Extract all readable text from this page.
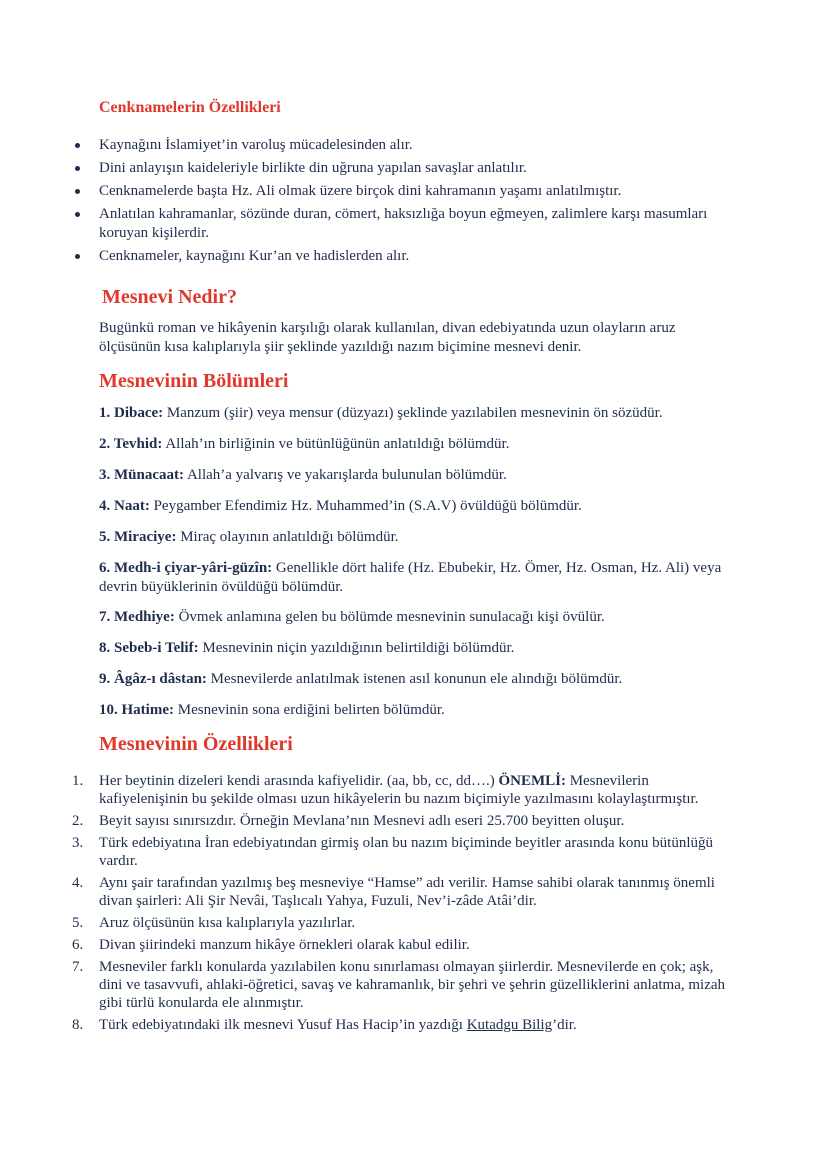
Cenknamelerin Özellikleri
Kaynağını İslamiyet’in varoluş mücadelesinden alır.
Dini anlayışın kaideleriyle birlikte din uğruna yapılan savaşlar anlatılır.
Cenknamelerde başta Hz. Ali olmak üzere birçok dini kahramanın yaşamı anlatılmıştır.
Anlatılan kahramanlar, sözünde duran, cömert, haksızlığa boyun eğmeyen, zalimlere karşı masumları koruyan kişilerdir.
Cenknameler, kaynağını Kur’an ve hadislerden alır.
Mesnevi Nedir?

Bugünkü roman ve hikâyenin karşılığı olarak kullanılan, divan edebiyatında uzun olayların aruz ölçüsünün kısa kalıplarıyla şiir şeklinde yazıldığı nazım biçimine mesnevi denir.

Mesnevinin Bölümleri

1. Dibace: Manzum (şiir) veya mensur (düzyazı) şeklinde yazılabilen mesnevinin ön sözüdür.

2. Tevhid: Allah’ın birliğinin ve bütünlüğünün anlatıldığı bölümdür.

3. Münacaat: Allah’a yalvarış ve yakarışlarda bulunulan bölümdür.

4. Naat: Peygamber Efendimiz Hz. Muhammed’in (S.A.V) övüldüğü bölümdür.

5. Miraciye: Miraç olayının anlatıldığı bölümdür.

6. Medh-i çiyar-yâri-güzîn: Genellikle dört halife (Hz. Ebubekir, Hz. Ömer, Hz. Osman, Hz. Ali) veya devrin büyüklerinin övüldüğü bölümdür.

7. Medhiye: Övmek anlamına gelen bu bölümde mesnevinin sunulacağı kişi övülür.

8. Sebeb-i Telif: Mesnevinin niçin yazıldığının belirtildiği bölümdür.

9. Âgâz-ı dâstan: Mesnevilerde anlatılmak istenen asıl konunun ele alındığı bölümdür.

10. Hatime: Mesnevinin sona erdiğini belirten bölümdür.

Mesnevinin Özellikleri
1. Her beytinin dizeleri kendi arasında kafiyelidir. (aa, bb, cc, dd….) ÖNEMLİ: Mesnevilerin kafiyelenişinin bu şekilde olması uzun hikâyelerin bu nazım biçimiyle yazılmasını kolaylaştırmıştır.
2. Beyit sayısı sınırsızdır. Örneğin Mevlana’nın Mesnevi adlı eseri 25.700 beyitten oluşur.
3. Türk edebiyatına İran edebiyatından girmiş olan bu nazım biçiminde beyitler arasında konu bütünlüğü vardır.
4. Aynı şair tarafından yazılmış beş mesneviye “Hamse” adı verilir. Hamse sahibi olarak tanınmış önemli divan şairleri: Ali Şir Nevâi, Taşlıcalı Yahya, Fuzuli, Nev’i-zâde Atâi’dir.
5. Aruz ölçüsünün kısa kalıplarıyla yazılırlar.
6. Divan şiirindeki manzum hikâye örnekleri olarak kabul edilir.
7. Mesneviler farklı konularda yazılabilen konu sınırlaması olmayan şiirlerdir. Mesnevilerde en çok; aşk, dini ve tasavvufi, ahlaki-öğretici, savaş ve kahramanlık, bir şehri ve şehrin güzelliklerini anlatma, mizah gibi türlü konularda ele alınmıştır.
8. Türk edebiyatındaki ilk mesnevi Yusuf Has Hacip’in yazdığı Kutadgu Bilig’dir.
